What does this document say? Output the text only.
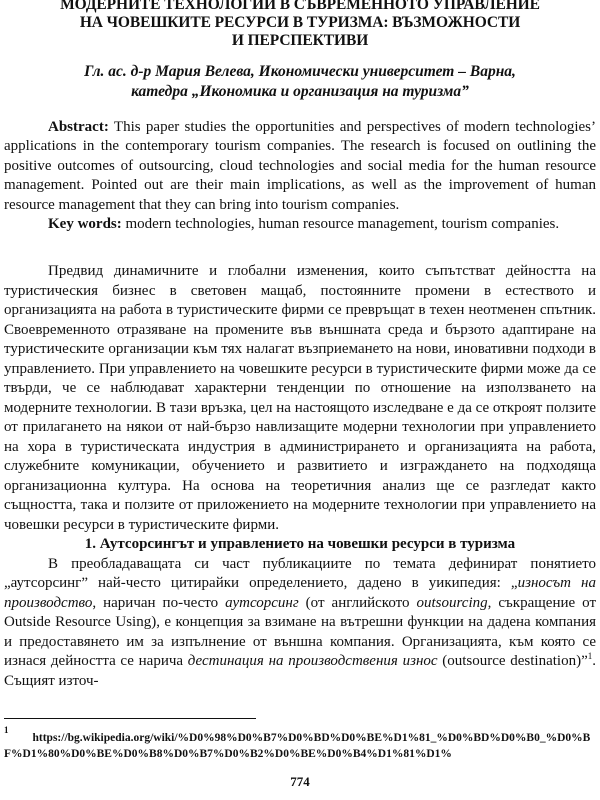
МОДЕРНИТЕ ТЕХНОЛОГИИ В СЪВРЕМЕННОТО УПРАВЛЕНИЕ
НА ЧОВЕШКИТЕ РЕСУРСИ В ТУРИЗМА: ВЪЗМОЖНОСТИ
И ПЕРСПЕКТИВИ
Гл. ас. д-р Мария Велева, Икономически университет – Варна,
катедра „Икономика и организация на туризма”

Abstract: This paper studies the opportunities and perspectives of modern technologies’ applications in the contemporary tourism companies. The research is focused on outlining the positive outcomes of outsourcing, cloud technologies and social media for the human resource management. Pointed out are their main implications, as well as the improvement of human resource management that they can bring into tourism companies.

Key words: modern technologies, human resource management, tourism companies.

Предвид динамичните и глобални изменения, които съпътстват дейността на туристическия бизнес в световен мащаб, постоянните промени в естеството и организацията на работа в туристическите фирми се превръщат в техен неотменен спътник. Своевременното отразяване на промените във външната среда и бързото адаптиране на туристическите организации към тях налагат възприемането на нови, иновативни подходи в управлението. При управлението на човешките ресурси в туристическите фирми може да се твърди, че се наблюдават характерни тенденции по отношение на използването на модерните технологии. В тази връзка, цел на настоящото изследване е да се откроят ползите от прилагането на някои от най-бързо навлизащите модерни технологии при управлението на хора в туристическата индустрия в администрирането и организацията на работа, служебните комуникации, обучението и развитието и изграждането на подходяща организационна култура. На основа на теоретичния анализ ще се разгледат както същността, така и ползите от приложението на модерните технологии при управлението на човешки ресурси в туристическите фирми.

1. Аутсорсингът и управлението на човешки ресурси в туризма

В преобладаващата си част публикациите по темата дефинират понятието „аутсорсинг” най-често цитирайки определението, дадено в уикипедия: „износът на производство, наричан по-често аутсорсинг (от английското outsourcing, съкращение от Outside Resource Using), е концепция за взимане на вътрешни функции на дадена компания и предоставянето им за изпълнение от външна компания. Организацията, към която се изнася дейността се нарича дестинация на производствения износ (outsource destination)”$^1$. Същият източ-

$^1$https://bg.wikipedia.org/wiki/%D0%98%D0%B7%D0%BD%D0%BE%D1%81_%D0%BD%D0%B0_%D0%BF%D1%80%D0%BE%D0%B8%D0%B7%D0%B2%D0%BE%D0%B4%D1%81%D1%
774
